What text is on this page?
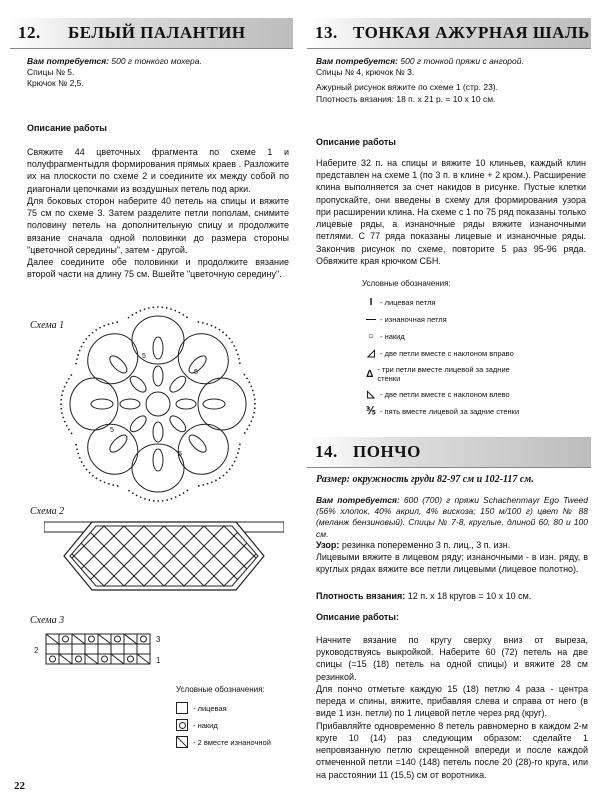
12. БЕЛЫЙ ПАЛАНТИН

Вам потребуется: 500 г тонкого мохера.

Спицы № 5.

Крючок № 2,5.

Описание работы

Свяжите 44 цветочных фрагмента по схеме 1 и полуфрагментыдля формирования прямых краев . Разложите их на плоскости по схеме 2 и соедините их между собой по диагонали цепочками из воздушных петель под арки.

Для боковых сторон наберите 40 петель на спицы и вяжите 75 см по схеме 3. Затем разделите петли пополам, снимите половину петель на дополнительную спицу и продолжите вязание сначала одной половинки до размера стороны "цветочной середины", затем - другой.

Далее соедините обе половинки и продолжите вязание второй части на длину 75 см. Вшейте "цветочную середину".

Схема 1
5
5
5
5
Схема 2
Схема 3
3
2
1
Условные обозначения:
- лицевая
- накид
- 2 вместе изнаночной
22
13. ТОНКАЯ АЖУРНАЯ ШАЛЬ

Вам потребуется: 500 г тонкой пряжи с ангорой.

Спицы № 4, крючок № 3.

Ажурный рисунок вяжите по схеме 1 (стр. 23).

Плотность вязания: 18 п. х 21 р. = 10 х 10 см.

Описание работы

Наберите 32 п. на спицы и вяжите 10 клиньев, каждый клин представлен на схеме 1 (по 3 п. в клине + 2 кром.). Расширение клина выполняется за счет накидов в рисунке. Пустые клетки пропускайте, они введены в схему для формирования узора при расширении клина. На схеме с 1 по 75 ряд показаны только лицевые ряды, а изнаночные ряды вяжите изнаночными петлями. С 77 ряда показаны лицевые и изнаночные ряды. Закончив рисунок по схеме, повторите 5 раз 95-96 ряда. Обвяжите края крючком СБН.

Условные обозначения:
I	- лицевая петля
— - изнаночная петля
○ - накид
◿ - две петли вместе с наклоном вправо
Δ - три петли вместе лицевой за задние стенки
◺ - две петли вместе с наклоном влево
⅗ - пять вместе лицевой за задние стенки
14. ПОНЧО
Размер: окружность груди 82-97 см и 102-117 см.

Вам потребуется: 600 (700) г пряжи Schachenmayr Ego Tweed (56% хлопок, 40% акрил, 4% вискоза; 150 м/100 г) цвет № 88 (меланж бензиновый). Спицы № 7-8, круглые, длиной 60, 80 и 100 см.

Узор: резинка попеременно 3 п. лиц., 3 п. изн.

Лицевыми вяжите в лицевом ряду; изнаночными - в изн. ряду, в круглых рядах вяжите все петли лицевыми (лицевое полотно).

Плотность вязания: 12 п. х 18 кругов = 10 х 10 см.

Описание работы:

Начните вязание по кругу сверху вниз от выреза, руководствуясь выкройкой. Наберите 60 (72) петель на две спицы (=15 (18) петель на одной спицы) и вяжите 28 см резинкой.

Для пончо отметьте каждую 15 (18) петлю 4 раза - центра переда и спины, вяжите, прибавляя слева и справа от него (в виде 1 изн. петли) по 1 лицевой петле через ряд (круг).

Прибавляйте одновременно 8 петель равномерно в каждом 2-м круге 10 (14) раз следующим образом: сделайте 1 непровязанную петлю скрещенной впереди и после каждой отмеченной петли =140 (148) петель после 20 (28)-го круга, или на расстоянии 11 (15,5) см от воротника.
